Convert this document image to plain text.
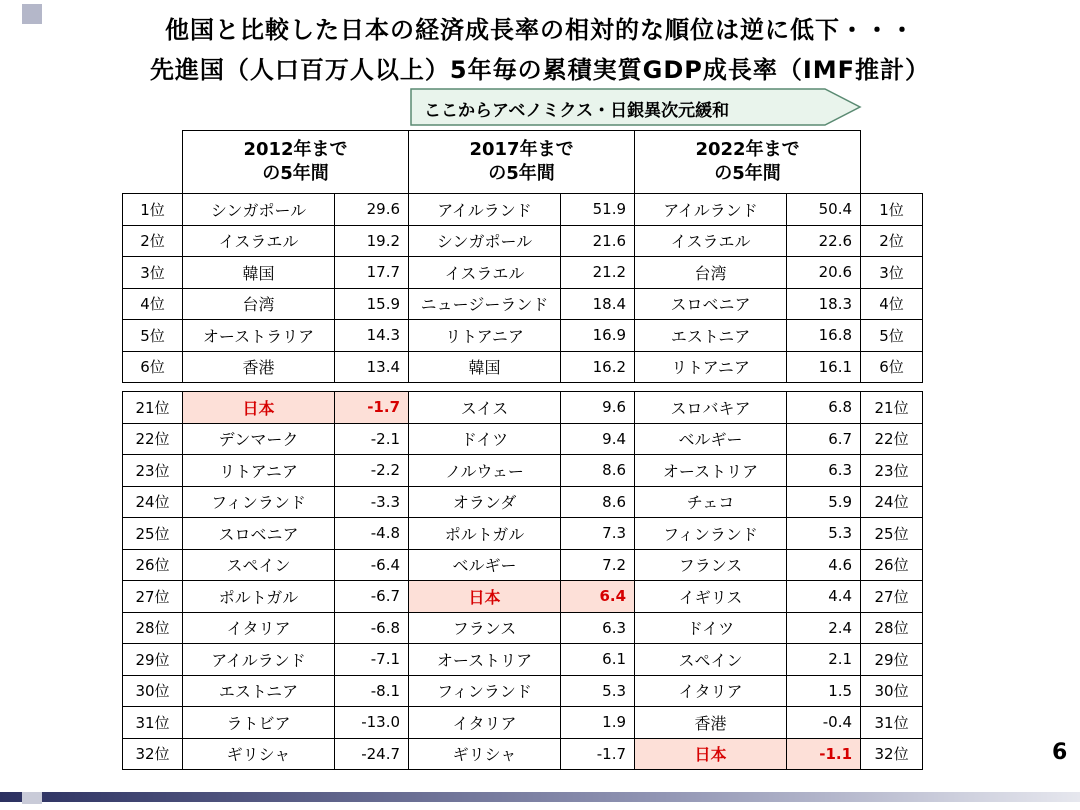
他国と比較した日本の経済成長率の相対的な順位は逆に低下・・・
先進国（人口百万人以上）5年毎の累積実質GDP成長率（IMF推計）
ここからアベノミクス・日銀異次元緩和
	2012年まで
の5年間		2017年まで
の5年間		2022年まで
の5年間		
1位	シンガポール	29.6	アイルランド	51.9	アイルランド	50.4	1位
2位	イスラエル	19.2	シンガポール	21.6	イスラエル	22.6	2位
3位	韓国	17.7	イスラエル	21.2	台湾	20.6	3位
4位	台湾	15.9	ニュージーランド	18.4	スロベニア	18.3	4位
5位	オーストラリア	14.3	リトアニア	16.9	エストニア	16.8	5位
6位	香港	13.4	韓国	16.2	リトアニア	16.1	6位

21位	日本	-1.7	スイス	9.6	スロバキア	6.8	21位
22位	デンマーク	-2.1	ドイツ	9.4	ベルギー	6.7	22位
23位	リトアニア	-2.2	ノルウェー	8.6	オーストリア	6.3	23位
24位	フィンランド	-3.3	オランダ	8.6	チェコ	5.9	24位
25位	スロベニア	-4.8	ポルトガル	7.3	フィンランド	5.3	25位
26位	スペイン	-6.4	ベルギー	7.2	フランス	4.6	26位
27位	ポルトガル	-6.7	日本	6.4	イギリス	4.4	27位
28位	イタリア	-6.8	フランス	6.3	ドイツ	2.4	28位
29位	アイルランド	-7.1	オーストリア	6.1	スペイン	2.1	29位
30位	エストニア	-8.1	フィンランド	5.3	イタリア	1.5	30位
31位	ラトビア	-13.0	イタリア	1.9	香港	-0.4	31位
32位	ギリシャ	-24.7	ギリシャ	-1.7	日本	-1.1	32位	6
